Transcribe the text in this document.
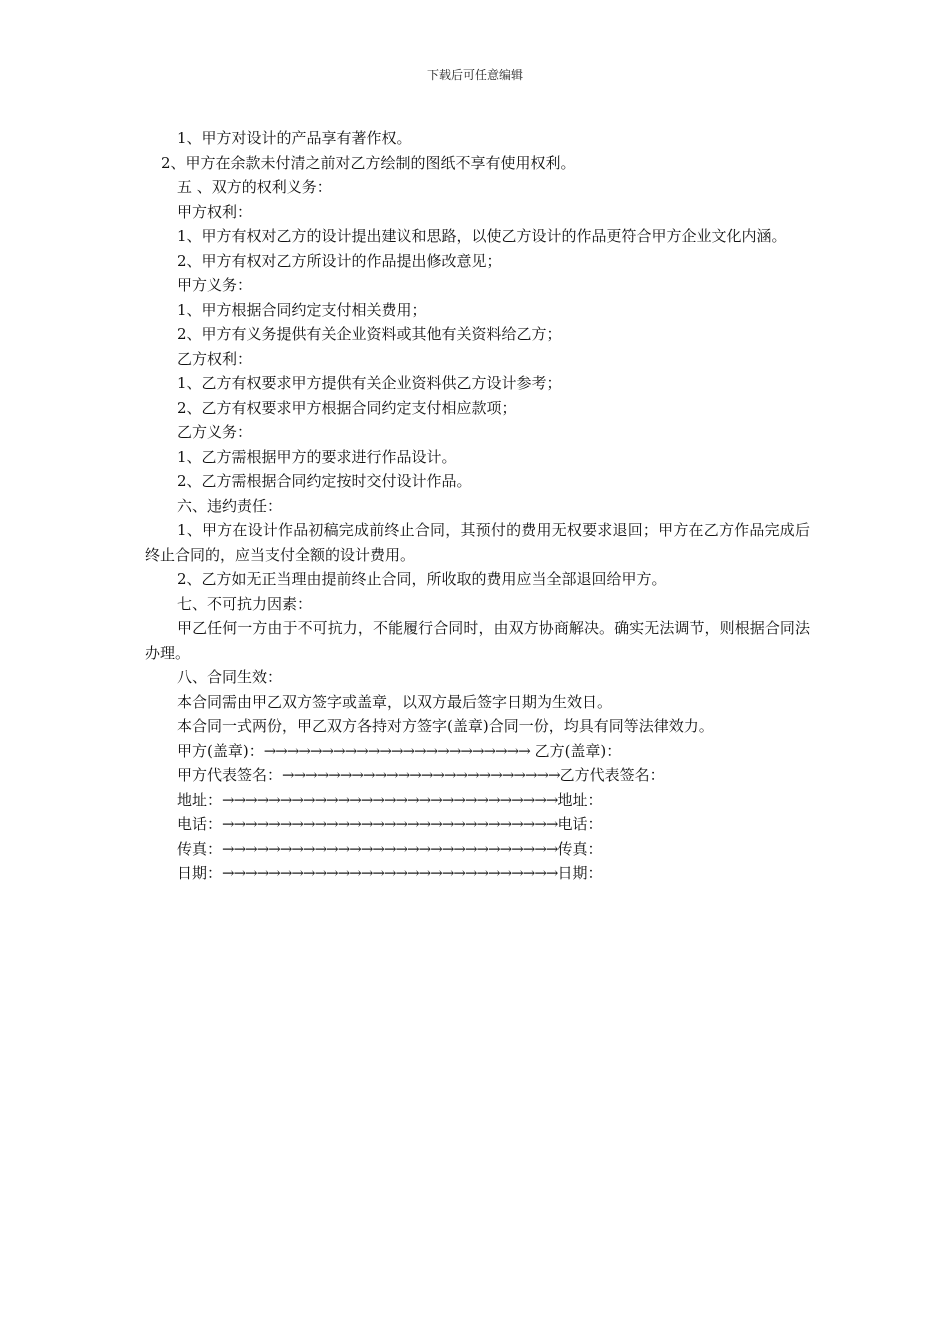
下载后可任意编辑

1、甲方对设计的产品享有著作权。

2、甲方在余款未付清之前对乙方绘制的图纸不享有使用权利。

五 、双方的权利义务：

甲方权利：

1、甲方有权对乙方的设计提出建议和思路，以使乙方设计的作品更符合甲方企业文化内涵。

2、甲方有权对乙方所设计的作品提出修改意见；

甲方义务：

1、甲方根据合同约定支付相关费用；

2、甲方有义务提供有关企业资料或其他有关资料给乙方；

乙方权利：

1、乙方有权要求甲方提供有关企业资料供乙方设计参考；

2、乙方有权要求甲方根据合同约定支付相应款项；

乙方义务：

1、乙方需根据甲方的要求进行作品设计。

2、乙方需根据合同约定按时交付设计作品。

六、违约责任：

1、甲方在设计作品初稿完成前终止合同，其预付的费用无权要求退回；甲方在乙方作品完成后终止合同的，应当支付全额的设计费用。

2、乙方如无正当理由提前终止合同，所收取的费用应当全部退回给甲方。

七、不可抗力因素：

甲乙任何一方由于不可抗力，不能履行合同时，由双方协商解决。确实无法调节，则根据合同法办理。

八、合同生效：

本合同需由甲乙双方签字或盖章，以双方最后签字日期为生效日。

本合同一式两份，甲乙双方各持对方签字(盖章)合同一份，均具有同等法律效力。

甲方(盖章)：→→→→→→→→→→→→→→→→→→→→→→→ 乙方(盖章)：

甲方代表签名：→→→→→→→→→→→→→→→→→→→→→→→→乙方代表签名：

地址：→→→→→→→→→→→→→→→→→→→→→→→→→→→→→地址：

电话：→→→→→→→→→→→→→→→→→→→→→→→→→→→→→电话：

传真：→→→→→→→→→→→→→→→→→→→→→→→→→→→→→传真：

日期：→→→→→→→→→→→→→→→→→→→→→→→→→→→→→日期：
